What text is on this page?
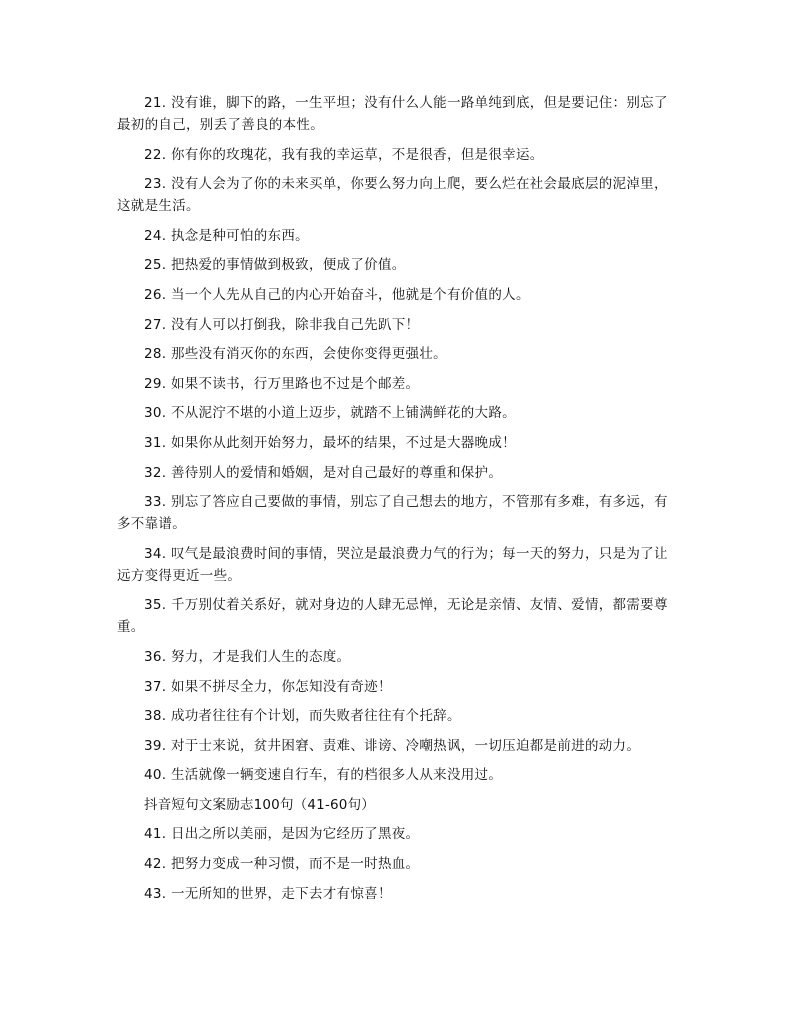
21. 没有谁，脚下的路，一生平坦；没有什么人能一路单纯到底，但是要记住：别忘了最初的自己，别丢了善良的本性。

22. 你有你的玫瑰花，我有我的幸运草，不是很香，但是很幸运。

23. 没有人会为了你的未来买单，你要么努力向上爬，要么烂在社会最底层的泥淖里，这就是生活。

24. 执念是种可怕的东西。

25. 把热爱的事情做到极致，便成了价值。

26. 当一个人先从自己的内心开始奋斗，他就是个有价值的人。

27. 没有人可以打倒我，除非我自己先趴下！

28. 那些没有消灭你的东西，会使你变得更强壮。

29. 如果不读书，行万里路也不过是个邮差。

30. 不从泥泞不堪的小道上迈步，就踏不上铺满鲜花的大路。

31. 如果你从此刻开始努力，最坏的结果，不过是大器晚成！

32. 善待别人的爱情和婚姻，是对自己最好的尊重和保护。

33. 别忘了答应自己要做的事情，别忘了自己想去的地方，不管那有多难，有多远，有多不靠谱。

34. 叹气是最浪费时间的事情，哭泣是最浪费力气的行为；每一天的努力，只是为了让远方变得更近一些。

35. 千万别仗着关系好，就对身边的人肆无忌惮，无论是亲情、友情、爱情，都需要尊重。

36. 努力，才是我们人生的态度。

37. 如果不拼尽全力，你怎知没有奇迹！

38. 成功者往往有个计划，而失败者往往有个托辞。

39. 对于士来说，贫井困窘、责难、诽谤、冷嘲热讽，一切压迫都是前进的动力。

40. 生活就像一辆变速自行车，有的档很多人从来没用过。

抖音短句文案励志100句（41-60句）

41. 日出之所以美丽，是因为它经历了黑夜。

42. 把努力变成一种习惯，而不是一时热血。

43. 一无所知的世界，走下去才有惊喜！
